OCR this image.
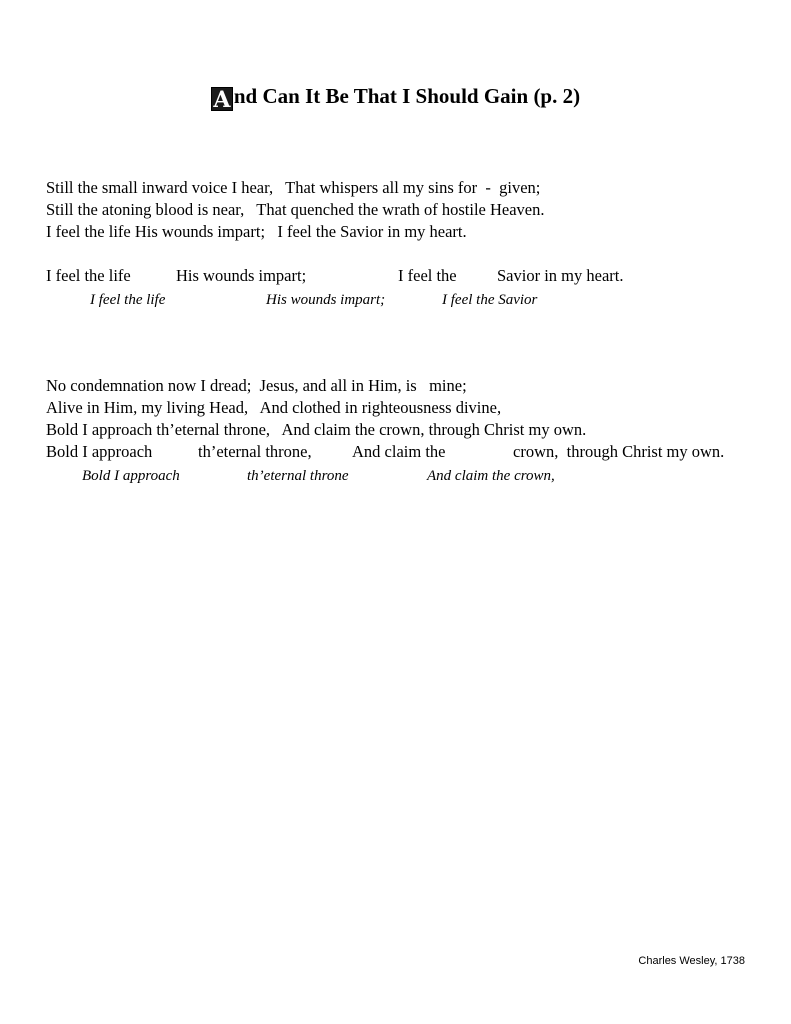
A nd Can It Be That I Should Gain (p. 2)
Still the small inward voice I hear,   That whispers all my sins for  -  given;
Still the atoning blood is near,   That quenched the wrath of hostile Heaven.
I feel the life His wounds impart;   I feel the Savior in my heart.
I feel the life	His wounds impart;	I feel the Savior in my heart.
I feel the life	His wounds impart;	I feel the Savior
No condemnation now I dread;  Jesus, and all in Him, is   mine;
Alive in Him, my living Head,   And clothed in righteousness divine,
Bold I approach th’eternal throne,   And claim the crown, through Christ my own.
Bold I approach	th’eternal throne, And claim the	crown,  through Christ my own.
Bold I approach	th’eternal throne	And claim the crown,
Charles Wesley, 1738
